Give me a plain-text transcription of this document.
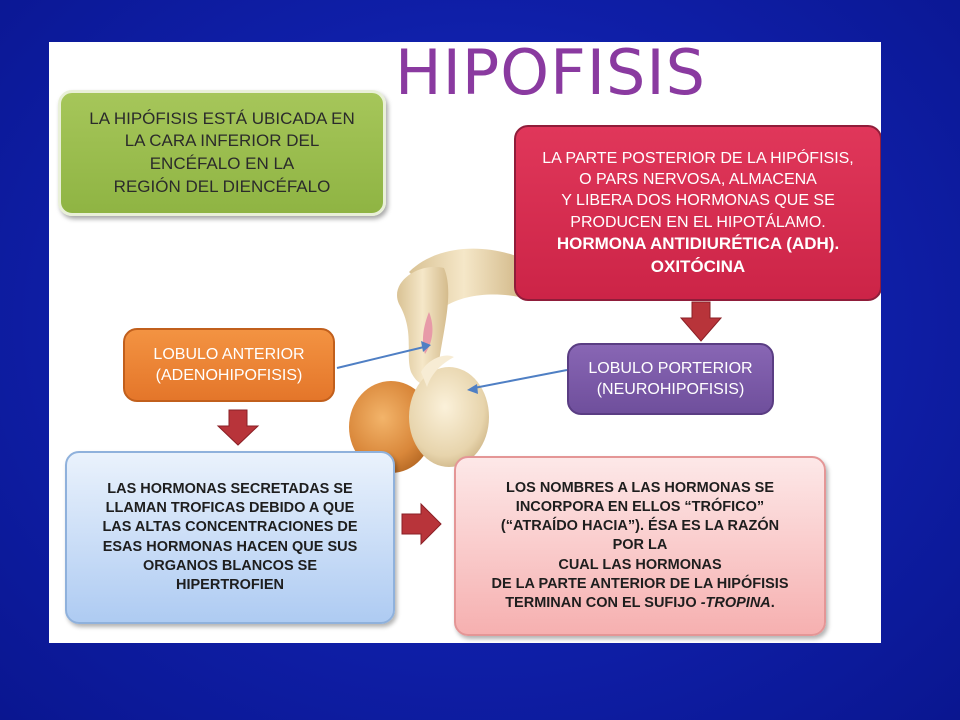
HIPOFISIS
LA HIPÓFISIS ESTÁ UBICADA EN
LA CARA INFERIOR DEL
ENCÉFALO EN LA
REGIÓN DEL DIENCÉFALO
LA PARTE POSTERIOR DE LA HIPÓFISIS,
O PARS NERVOSA, ALMACENA
Y LIBERA DOS HORMONAS QUE SE
PRODUCEN EN EL HIPOTÁLAMO.
HORMONA ANTIDIURÉTICA (ADH).
OXITÓCINA
LOBULO ANTERIOR
(ADENOHIPOFISIS)	LOBULO PORTERIOR
(NEUROHIPOFISIS)
LAS HORMONAS SECRETADAS SE
LLAMAN TROFICAS DEBIDO A QUE
LAS ALTAS CONCENTRACIONES DE
ESAS HORMONAS HACEN QUE SUS
ORGANOS BLANCOS SE
HIPERTROFIEN
LOS NOMBRES A LAS HORMONAS SE
INCORPORA EN ELLOS “TRÓFICO”
(“ATRAÍDO HACIA”). ÉSA ES LA RAZÓN
POR LA
CUAL LAS HORMONAS
DE LA PARTE ANTERIOR DE LA HIPÓFISIS
TERMINAN CON EL SUFIJO -TROPINA.
